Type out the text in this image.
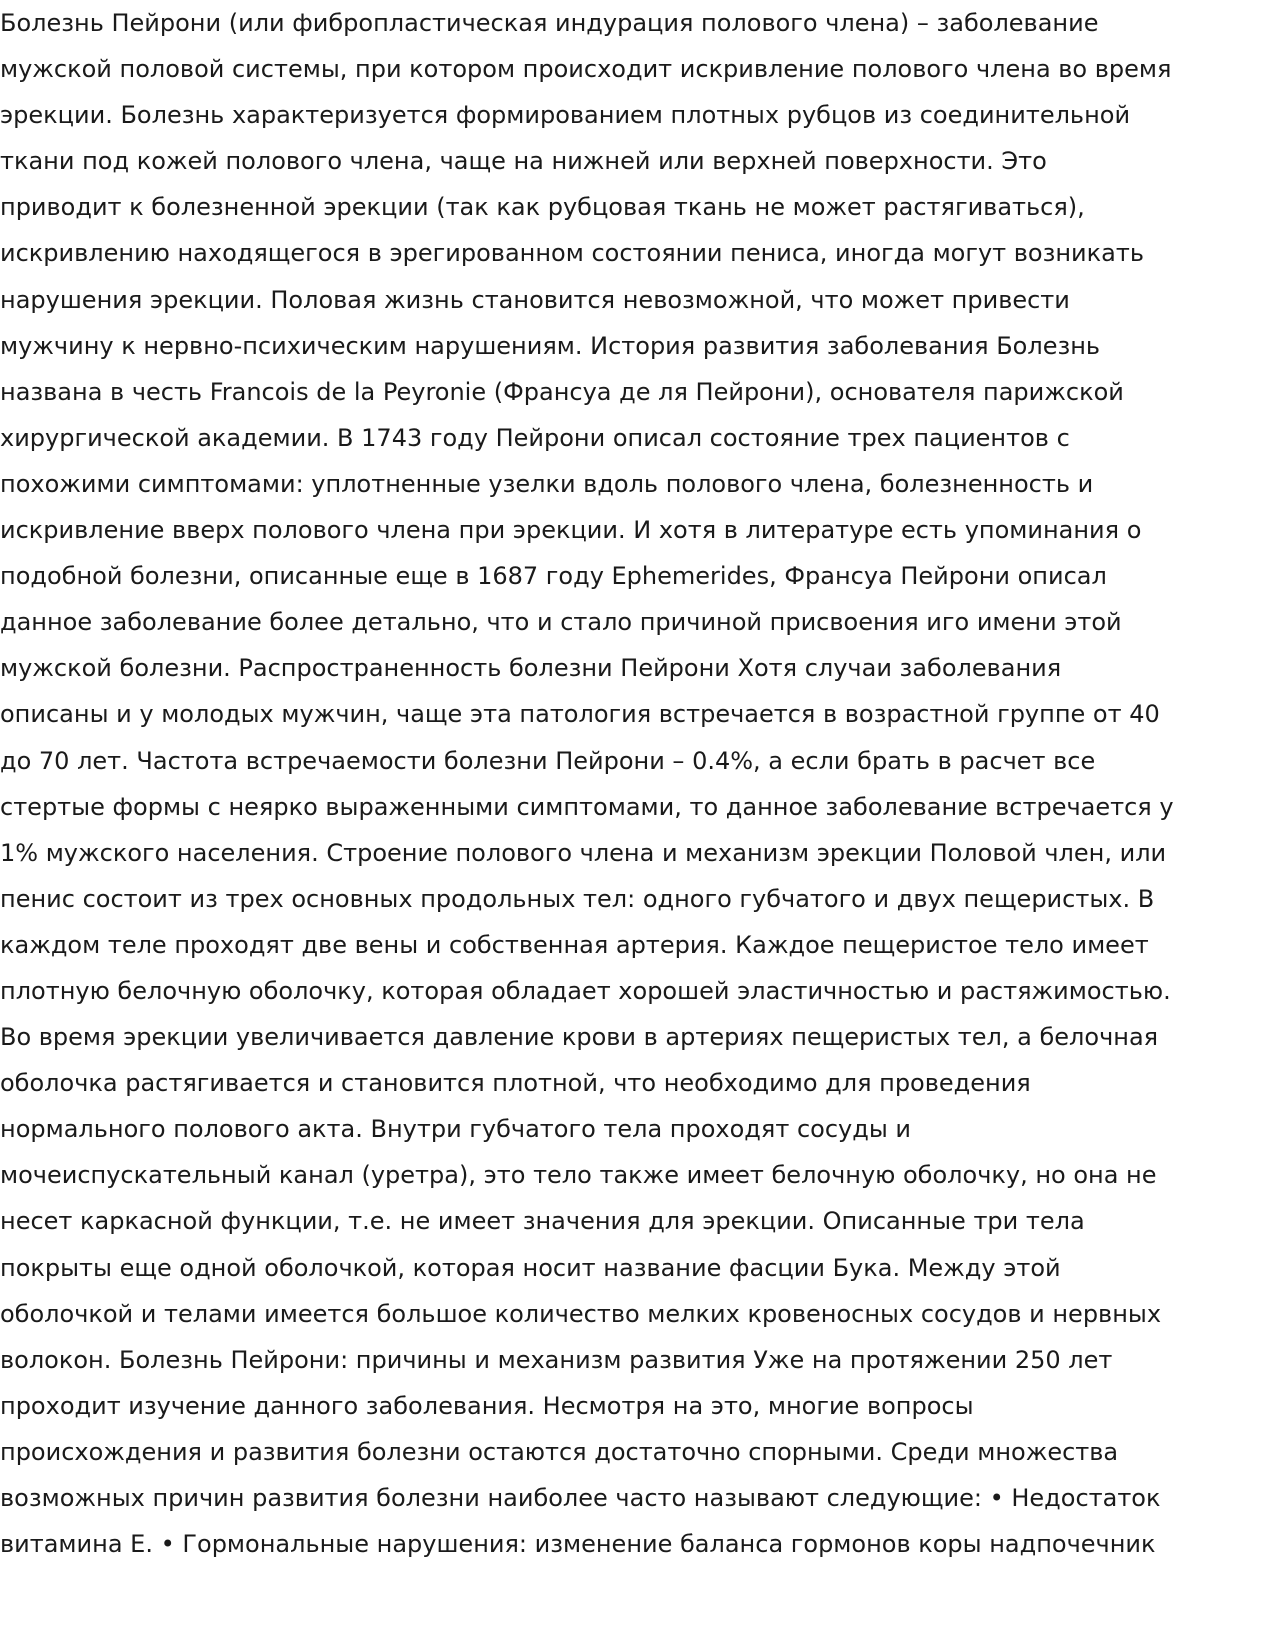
Болезнь Пейрони (или фибропластическая индурация полового члена) – заболевание
мужской половой системы, при котором происходит искривление полового члена во время
эрекции. Болезнь характеризуется формированием плотных рубцов из соединительной
ткани под кожей полового члена, чаще на нижней или верхней поверхности. Это
приводит к болезненной эрекции (так как рубцовая ткань не может растягиваться),
искривлению находящегося в эрегированном состоянии пениса, иногда могут возникать
нарушения эрекции. Половая жизнь становится невозможной, что может привести
мужчину к нервно-психическим нарушениям. История развития заболевания Болезнь
названа в честь Francois de la Peyronie (Франсуа де ля Пейрони), основателя парижской
хирургической академии. В 1743 году Пейрони описал состояние трех пациентов с
похожими симптомами: уплотненные узелки вдоль полового члена, болезненность и
искривление вверх полового члена при эрекции. И хотя в литературе есть упоминания о
подобной болезни, описанные еще в 1687 году Ephemerides, Франсуа Пейрони описал
данное заболевание более детально, что и стало причиной присвоения иго имени этой
мужской болезни. Распространенность болезни Пейрони Хотя случаи заболевания
описаны и у молодых мужчин, чаще эта патология встречается в возрастной группе от 40
до 70 лет. Частота встречаемости болезни Пейрони – 0.4%, а если брать в расчет все
стертые формы с неярко выраженными симптомами, то данное заболевание встречается у
1% мужского населения. Строение полового члена и механизм эрекции Половой член, или
пенис состоит из трех основных продольных тел: одного губчатого и двух пещеристых. В
каждом теле проходят две вены и собственная артерия. Каждое пещеристое тело имеет
плотную белочную оболочку, которая обладает хорошей эластичностью и растяжимостью.
Во время эрекции увеличивается давление крови в артериях пещеристых тел, а белочная
оболочка растягивается и становится плотной, что необходимо для проведения
нормального полового акта. Внутри губчатого тела проходят сосуды и
мочеиспускательный канал (уретра), это тело также имеет белочную оболочку, но она не
несет каркасной функции, т.е. не имеет значения для эрекции. Описанные три тела
покрыты еще одной оболочкой, которая носит название фасции Бука. Между этой
оболочкой и телами имеется большое количество мелких кровеносных сосудов и нервных
волокон. Болезнь Пейрони: причины и механизм развития Уже на протяжении 250 лет
проходит изучение данного заболевания. Несмотря на это, многие вопросы
происхождения и развития болезни остаются достаточно спорными. Среди множества
возможных причин развития болезни наиболее часто называют следующие: • Недостаток
витамина Е. • Гормональные нарушения: изменение баланса гормонов коры надпочечник
